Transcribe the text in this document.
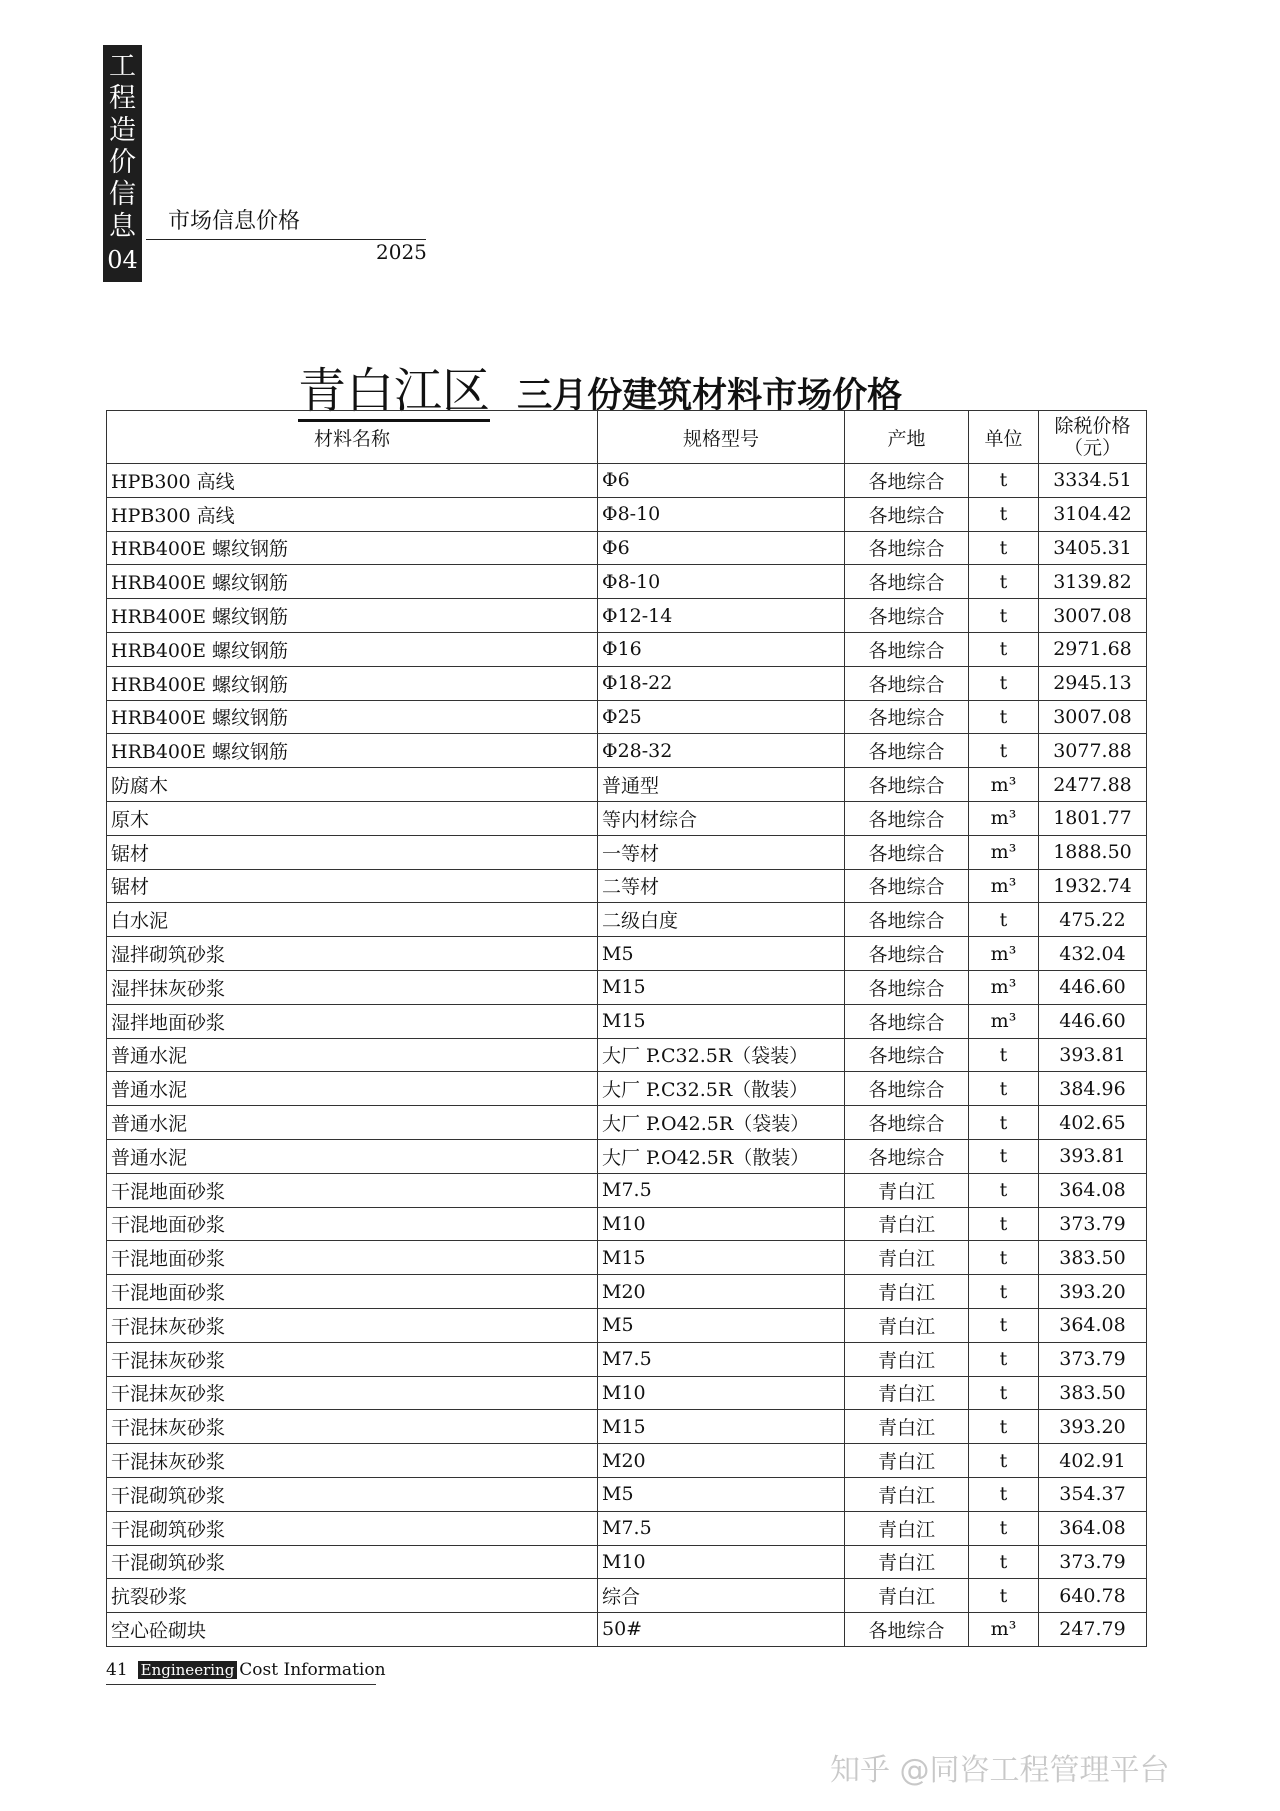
工
程
造
价
信
息
04
市场信息价格
2025
青白江区 三月份建筑材料市场价格
材料名称	规格型号	产地	单位	除税价格
（元）

HPB300 高线	Φ6	各地综合	t	3334.51
HPB300 高线	Φ8-10	各地综合	t	3104.42
HRB400E 螺纹钢筋	Φ6	各地综合	t	3405.31
HRB400E 螺纹钢筋	Φ8-10	各地综合	t	3139.82
HRB400E 螺纹钢筋	Φ12-14	各地综合	t	3007.08
HRB400E 螺纹钢筋	Φ16	各地综合	t	2971.68
HRB400E 螺纹钢筋	Φ18-22	各地综合	t	2945.13
HRB400E 螺纹钢筋	Φ25	各地综合	t	3007.08
HRB400E 螺纹钢筋	Φ28-32	各地综合	t	3077.88
防腐木	普通型	各地综合	m³	2477.88
原木	等内材综合	各地综合	m³	1801.77
锯材	一等材	各地综合	m³	1888.50
锯材	二等材	各地综合	m³	1932.74
白水泥	二级白度	各地综合	t	475.22
湿拌砌筑砂浆	M5	各地综合	m³	432.04
湿拌抹灰砂浆	M15	各地综合	m³	446.60
湿拌地面砂浆	M15	各地综合	m³	446.60
普通水泥	大厂 P.C32.5R（袋装）	各地综合	t	393.81
普通水泥	大厂 P.C32.5R（散装）	各地综合	t	384.96
普通水泥	大厂 P.O42.5R（袋装）	各地综合	t	402.65
普通水泥	大厂 P.O42.5R（散装）	各地综合	t	393.81
干混地面砂浆	M7.5	青白江	t	364.08
干混地面砂浆	M10	青白江	t	373.79
干混地面砂浆	M15	青白江	t	383.50
干混地面砂浆	M20	青白江	t	393.20
干混抹灰砂浆	M5	青白江	t	364.08
干混抹灰砂浆	M7.5	青白江	t	373.79
干混抹灰砂浆	M10	青白江	t	383.50
干混抹灰砂浆	M15	青白江	t	393.20
干混抹灰砂浆	M20	青白江	t	402.91
干混砌筑砂浆	M5	青白江	t	354.37
干混砌筑砂浆	M7.5	青白江	t	364.08
干混砌筑砂浆	M10	青白江	t	373.79
抗裂砂浆	综合	青白江	t	640.78
空心砼砌块	50#	各地综合	m³	247.79
41 Engineering Cost Information
知乎 @同咨工程管理平台
